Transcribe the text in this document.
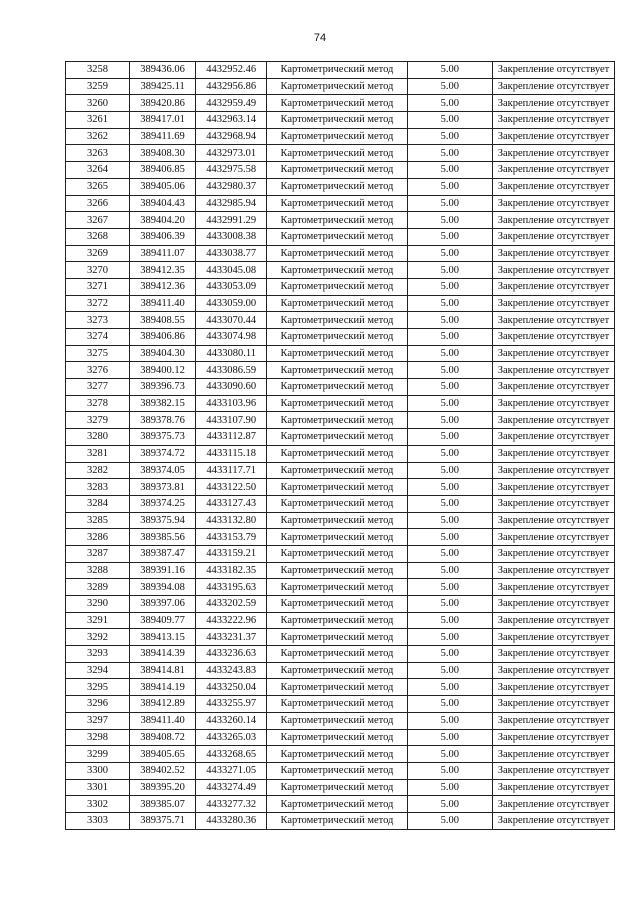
74
3258	389436.06	4432952.46	Картометрический метод	5.00	Закрепление отсутствует
3259	389425.11	4432956.86	Картометрический метод	5.00	Закрепление отсутствует
3260	389420.86	4432959.49	Картометрический метод	5.00	Закрепление отсутствует
3261	389417.01	4432963.14	Картометрический метод	5.00	Закрепление отсутствует
3262	389411.69	4432968.94	Картометрический метод	5.00	Закрепление отсутствует
3263	389408.30	4432973.01	Картометрический метод	5.00	Закрепление отсутствует
3264	389406.85	4432975.58	Картометрический метод	5.00	Закрепление отсутствует
3265	389405.06	4432980.37	Картометрический метод	5.00	Закрепление отсутствует
3266	389404.43	4432985.94	Картометрический метод	5.00	Закрепление отсутствует
3267	389404.20	4432991.29	Картометрический метод	5.00	Закрепление отсутствует
3268	389406.39	4433008.38	Картометрический метод	5.00	Закрепление отсутствует
3269	389411.07	4433038.77	Картометрический метод	5.00	Закрепление отсутствует
3270	389412.35	4433045.08	Картометрический метод	5.00	Закрепление отсутствует
3271	389412.36	4433053.09	Картометрический метод	5.00	Закрепление отсутствует
3272	389411.40	4433059.00	Картометрический метод	5.00	Закрепление отсутствует
3273	389408.55	4433070.44	Картометрический метод	5.00	Закрепление отсутствует
3274	389406.86	4433074.98	Картометрический метод	5.00	Закрепление отсутствует
3275	389404.30	4433080.11	Картометрический метод	5.00	Закрепление отсутствует
3276	389400.12	4433086.59	Картометрический метод	5.00	Закрепление отсутствует
3277	389396.73	4433090.60	Картометрический метод	5.00	Закрепление отсутствует
3278	389382.15	4433103.96	Картометрический метод	5.00	Закрепление отсутствует
3279	389378.76	4433107.90	Картометрический метод	5.00	Закрепление отсутствует
3280	389375.73	4433112.87	Картометрический метод	5.00	Закрепление отсутствует
3281	389374.72	4433115.18	Картометрический метод	5.00	Закрепление отсутствует
3282	389374.05	4433117.71	Картометрический метод	5.00	Закрепление отсутствует
3283	389373.81	4433122.50	Картометрический метод	5.00	Закрепление отсутствует
3284	389374.25	4433127.43	Картометрический метод	5.00	Закрепление отсутствует
3285	389375.94	4433132.80	Картометрический метод	5.00	Закрепление отсутствует
3286	389385.56	4433153.79	Картометрический метод	5.00	Закрепление отсутствует
3287	389387.47	4433159.21	Картометрический метод	5.00	Закрепление отсутствует
3288	389391.16	4433182.35	Картометрический метод	5.00	Закрепление отсутствует
3289	389394.08	4433195.63	Картометрический метод	5.00	Закрепление отсутствует
3290	389397.06	4433202.59	Картометрический метод	5.00	Закрепление отсутствует
3291	389409.77	4433222.96	Картометрический метод	5.00	Закрепление отсутствует
3292	389413.15	4433231.37	Картометрический метод	5.00	Закрепление отсутствует
3293	389414.39	4433236.63	Картометрический метод	5.00	Закрепление отсутствует
3294	389414.81	4433243.83	Картометрический метод	5.00	Закрепление отсутствует
3295	389414.19	4433250.04	Картометрический метод	5.00	Закрепление отсутствует
3296	389412.89	4433255.97	Картометрический метод	5.00	Закрепление отсутствует
3297	389411.40	4433260.14	Картометрический метод	5.00	Закрепление отсутствует
3298	389408.72	4433265.03	Картометрический метод	5.00	Закрепление отсутствует
3299	389405.65	4433268.65	Картометрический метод	5.00	Закрепление отсутствует
3300	389402.52	4433271.05	Картометрический метод	5.00	Закрепление отсутствует
3301	389395.20	4433274.49	Картометрический метод	5.00	Закрепление отсутствует
3302	389385.07	4433277.32	Картометрический метод	5.00	Закрепление отсутствует
3303	389375.71	4433280.36	Картометрический метод	5.00	Закрепление отсутствует
